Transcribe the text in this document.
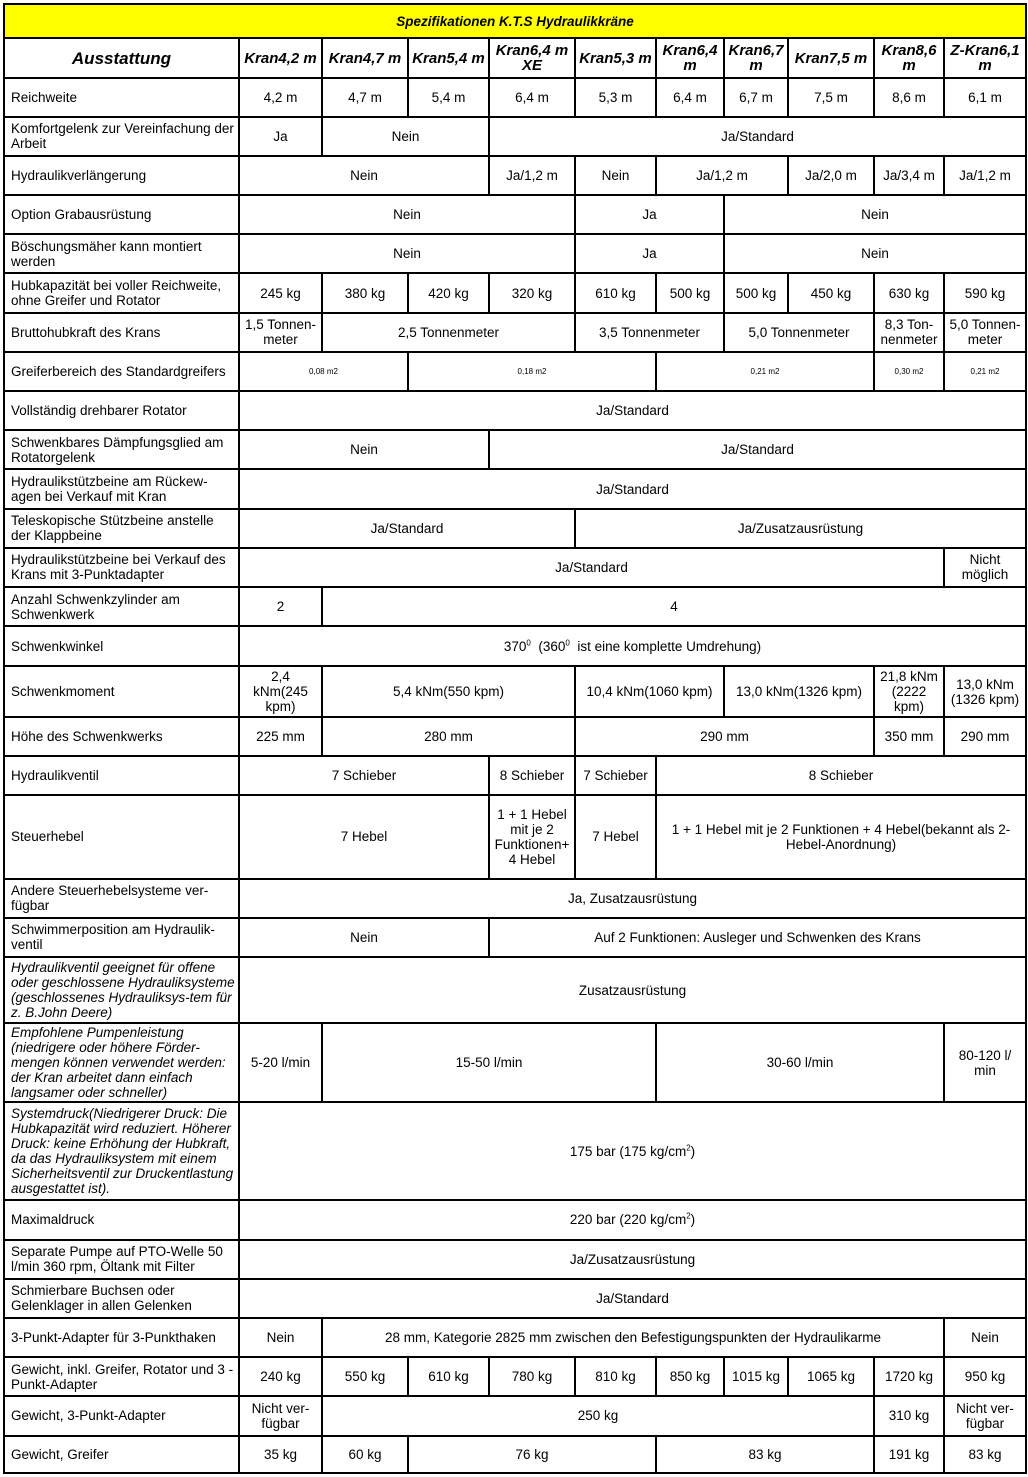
Spezifikationen K.T.S Hydraulikkräne											
Ausstattung	Kran4,2 m	Kran4,7 m	Kran5,4 m	Kran6,4 m XE	Kran5,3 m	Kran6,4 m	Kran6,7 m	Kran7,5 m	Kran8,6 m	Z-Kran6,1 m	
Reichweite	4,2 m	4,7 m	5,4 m	6,4 m	5,3 m	6,4 m	6,7 m	7,5 m	8,6 m	6,1 m	
Komfortgelenk zur Vereinfachung der Arbeit	Ja	Nein		Ja/Standard							
Hydraulikverlängerung	Nein			Ja/1,2 m	Nein	Ja/1,2 m		Ja/2,0 m	Ja/3,4 m	Ja/1,2 m	
Option Grabausrüstung	Nein				Ja		Nein				
Böschungsmäher kann montiert werden	Nein				Ja		Nein				
Hubkapazität bei voller Reichweite, ohne Greifer und Rotator	245 kg	380 kg	420 kg	320 kg	610 kg	500 kg	500 kg	450 kg	630 kg	590 kg	
Bruttohubkraft des Krans	1,5 Tonnen-meter	2,5 Tonnenmeter			3,5 Tonnenmeter		5,0 Tonnenmeter		8,3 Ton-nenmeter	5,0 Tonnen-meter	
Greiferbereich des Standardgreifers	0,08 m2		0,18 m2			0,21 m2			0,30 m2	0,21 m2	
Vollständig drehbarer Rotator	Ja/Standard										
Schwenkbares Dämpfungsglied am Rotatorgelenk	Nein			Ja/Standard							
Hydraulikstützbeine am Rückew-agen bei Verkauf mit Kran	Ja/Standard										
Teleskopische Stützbeine anstelle der Klappbeine	Ja/Standard				Ja/Zusatzausrüstung						
Hydraulikstützbeine bei Verkauf des Krans mit 3-Punktadapter	Ja/Standard									Nicht möglich	
Anzahl Schwenkzylinder am Schwenkwerk	2	4									
Schwenkwinkel	$370^0$  ($360^0$  ist eine komplette Umdrehung)										
Schwenkmoment	2,4 kNm(245 kpm)	5,4 kNm(550 kpm)			10,4 kNm(1060 kpm)		13,0 kNm(1326 kpm)		21,8 kNm (2222 kpm)	13,0 kNm (1326 kpm)	
Höhe des Schwenkwerks	225 mm	280 mm			290 mm				350 mm	290 mm	
Hydraulikventil	7 Schieber			8 Schieber	7 Schieber	8 Schieber					
Steuerhebel	7 Hebel			1 + 1 Hebel mit je 2 Funktionen+ 4 Hebel	7 Hebel	1 + 1 Hebel mit je 2 Funktionen + 4 Hebel(bekannt als 2-Hebel-Anordnung)					
Andere Steuerhebelsysteme ver-fügbar	Ja, Zusatzausrüstung										
Schwimmerposition am Hydraulik-ventil	Nein			Auf 2 Funktionen: Ausleger und Schwenken des Krans							
Hydraulikventil geeignet für offene oder geschlossene Hydrauliksysteme (geschlossenes Hydrauliksys-tem für z. B.John Deere)	Zusatzausrüstung										
Empfohlene Pumpenleistung (niedrigere oder höhere Förder-mengen können verwendet werden: der Kran arbeitet dann einfach langsamer oder schneller)	5-20 l/min	15-50 l/min				30-60 l/min				80-120 l/ min	
Systemdruck(Niedrigerer Druck: Die Hubkapazität wird reduziert. Höherer Druck: keine Erhöhung der Hubkraft, da das Hydrauliksystem mit einem Sicherheitsventil zur Druckentlastung ausgestattet ist).	175 bar (175 $kg/cm^2$)										
Maximaldruck	220 bar (220 $kg/cm^2$)										
Separate Pumpe auf PTO-Welle 50 l/min 360 rpm, Öltank mit Filter	Ja/Zusatzausrüstung										
Schmierbare Buchsen oder Gelenklager in allen Gelenken	Ja/Standard										
3-Punkt-Adapter für 3-Punkthaken	Nein	28 mm, Kategorie 2825 mm zwischen den Befestigungspunkten der Hydraulikarme								Nein	
Gewicht, inkl. Greifer, Rotator und 3 -Punkt-Adapter	240 kg	550 kg	610 kg	780 kg	810 kg	850 kg	1015 kg	1065 kg	1720 kg	950 kg	
Gewicht, 3-Punkt-Adapter	Nicht ver-fügbar	250 kg							310 kg	Nicht ver-fügbar	
Gewicht, Greifer	35 kg	60 kg	76 kg			83 kg			191 kg	83 kg	
